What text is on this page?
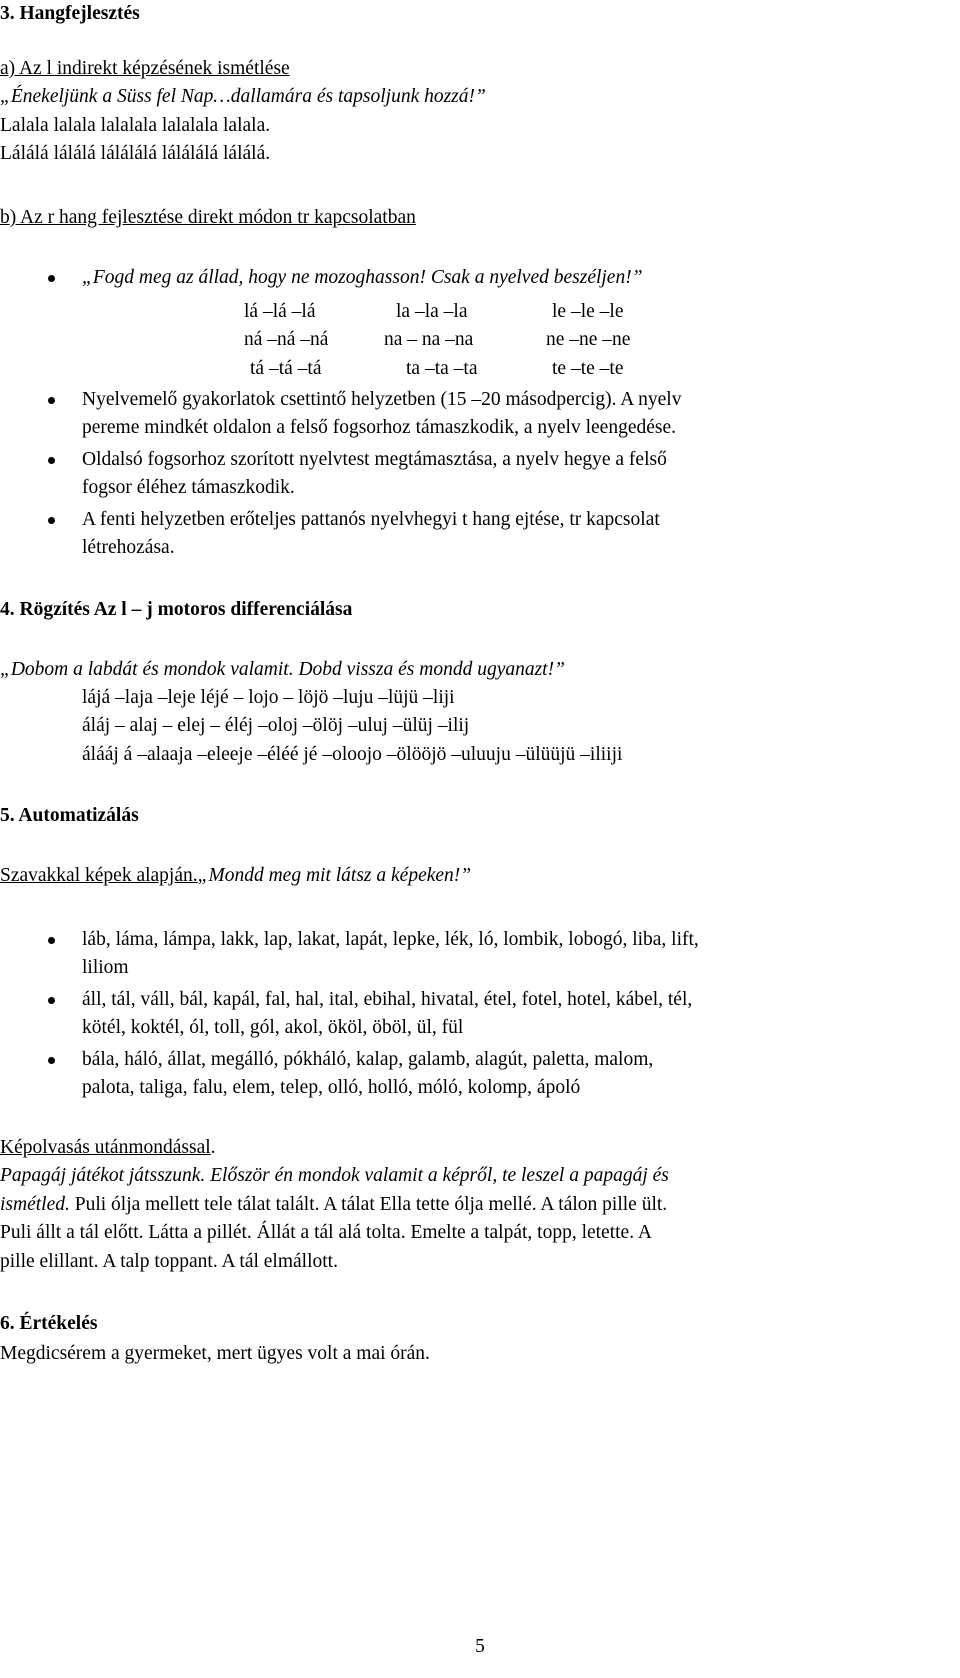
3. Hangfejlesztés
a) Az l indirekt képzésének ismétlése
„Énekeljünk a Süss fel Nap…dallamára és tapsoljunk hozzá!”
Lalala lalala lalalala lalalala lalala.
Lálálá lálálá lálálálá lálálálá lálálá.
b) Az r hang fejlesztése direkt módon tr kapcsolatban
„Fogd meg az állad, hogy ne mozoghasson! Csak a nyelved beszéljen!”
lá –lá –lá	la –la –la	le –le –le
ná –ná –ná	na – na –na	ne –ne –ne
tá –tá –tá	ta –ta –ta	te –te –te
Nyelvemelő gyakorlatok csettintő helyzetben (15 –20 másodpercig). A nyelv
pereme mindkét oldalon a felső fogsorhoz támaszkodik, a nyelv leengedése.
Oldalsó fogsorhoz szorított nyelvtest megtámasztása, a nyelv hegye a felső
fogsor éléhez támaszkodik.
A fenti helyzetben erőteljes pattanós nyelvhegyi t hang ejtése, tr kapcsolat
létrehozása.
4. Rögzítés Az l – j motoros differenciálása
„Dobom a labdát és mondok valamit. Dobd vissza és mondd ugyanazt!”
lájá –laja –leje léjé – lojo – löjö –luju –lüjü –liji
áláj – alaj – elej – éléj –oloj –ölöj –uluj –ülüj –ilij
álááj á –alaaja –eleeje –éléé jé –oloojo –ölööjö –uluuju –ülüüjü –iliiji
5. Automatizálás
Szavakkal képek alapján.„Mondd meg mit látsz a képeken!”
láb, láma, lámpa, lakk, lap, lakat, lapát, lepke, lék, ló, lombik, lobogó, liba, lift,
liliom
áll, tál, váll, bál, kapál, fal, hal, ital, ebihal, hivatal, étel, fotel, hotel, kábel, tél,
kötél, koktél, ól, toll, gól, akol, ököl, öböl, ül, fül
bála, háló, állat, megálló, pókháló, kalap, galamb, alagút, paletta, malom,
palota, taliga, falu, elem, telep, olló, holló, móló, kolomp, ápoló
Képolvasás utánmondással.
Papagáj játékot játsszunk. Először én mondok valamit a képről, te leszel a papagáj és
ismétled. Puli ólja mellett tele tálat talált. A tálat Ella tette ólja mellé. A tálon pille ült.
Puli állt a tál előtt. Látta a pillét. Állát a tál alá tolta. Emelte a talpát, topp, letette. A
pille elillant. A talp toppant. A tál elmállott.
6. Értékelés
Megdicsérem a gyermeket, mert ügyes volt a mai órán.
5
